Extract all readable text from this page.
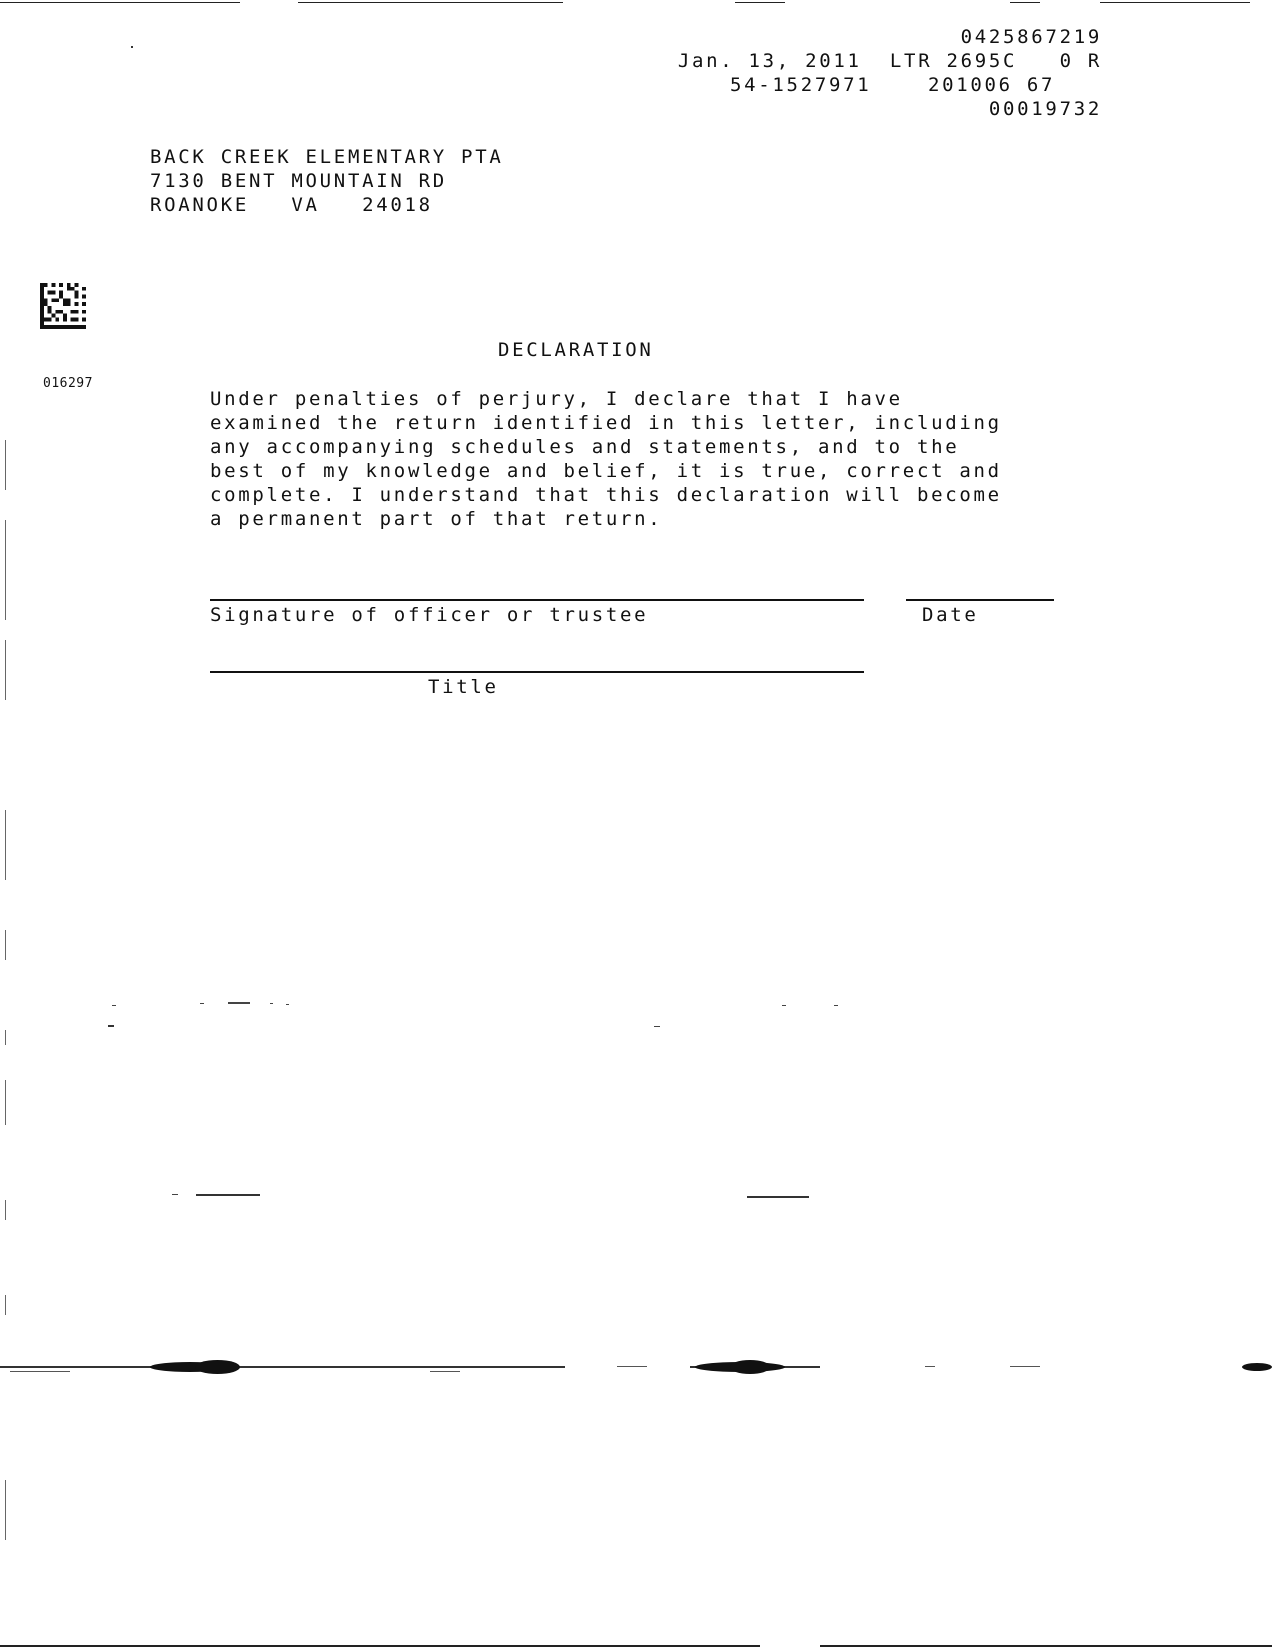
0425867219
Jan. 13, 2011  LTR 2695C   0 R
54-1527971    201006 67
00019732
BACK CREEK ELEMENTARY PTA
7130 BENT MOUNTAIN RD
ROANOKE   VA   24018
016297
DECLARATION
Under penalties of perjury, I declare that I have
examined the return identified in this letter, including
any accompanying schedules and statements, and to the
best of my knowledge and belief, it is true, correct and
complete. I understand that this declaration will become
a permanent part of that return.
Signature of officer or trustee	Date
Title
